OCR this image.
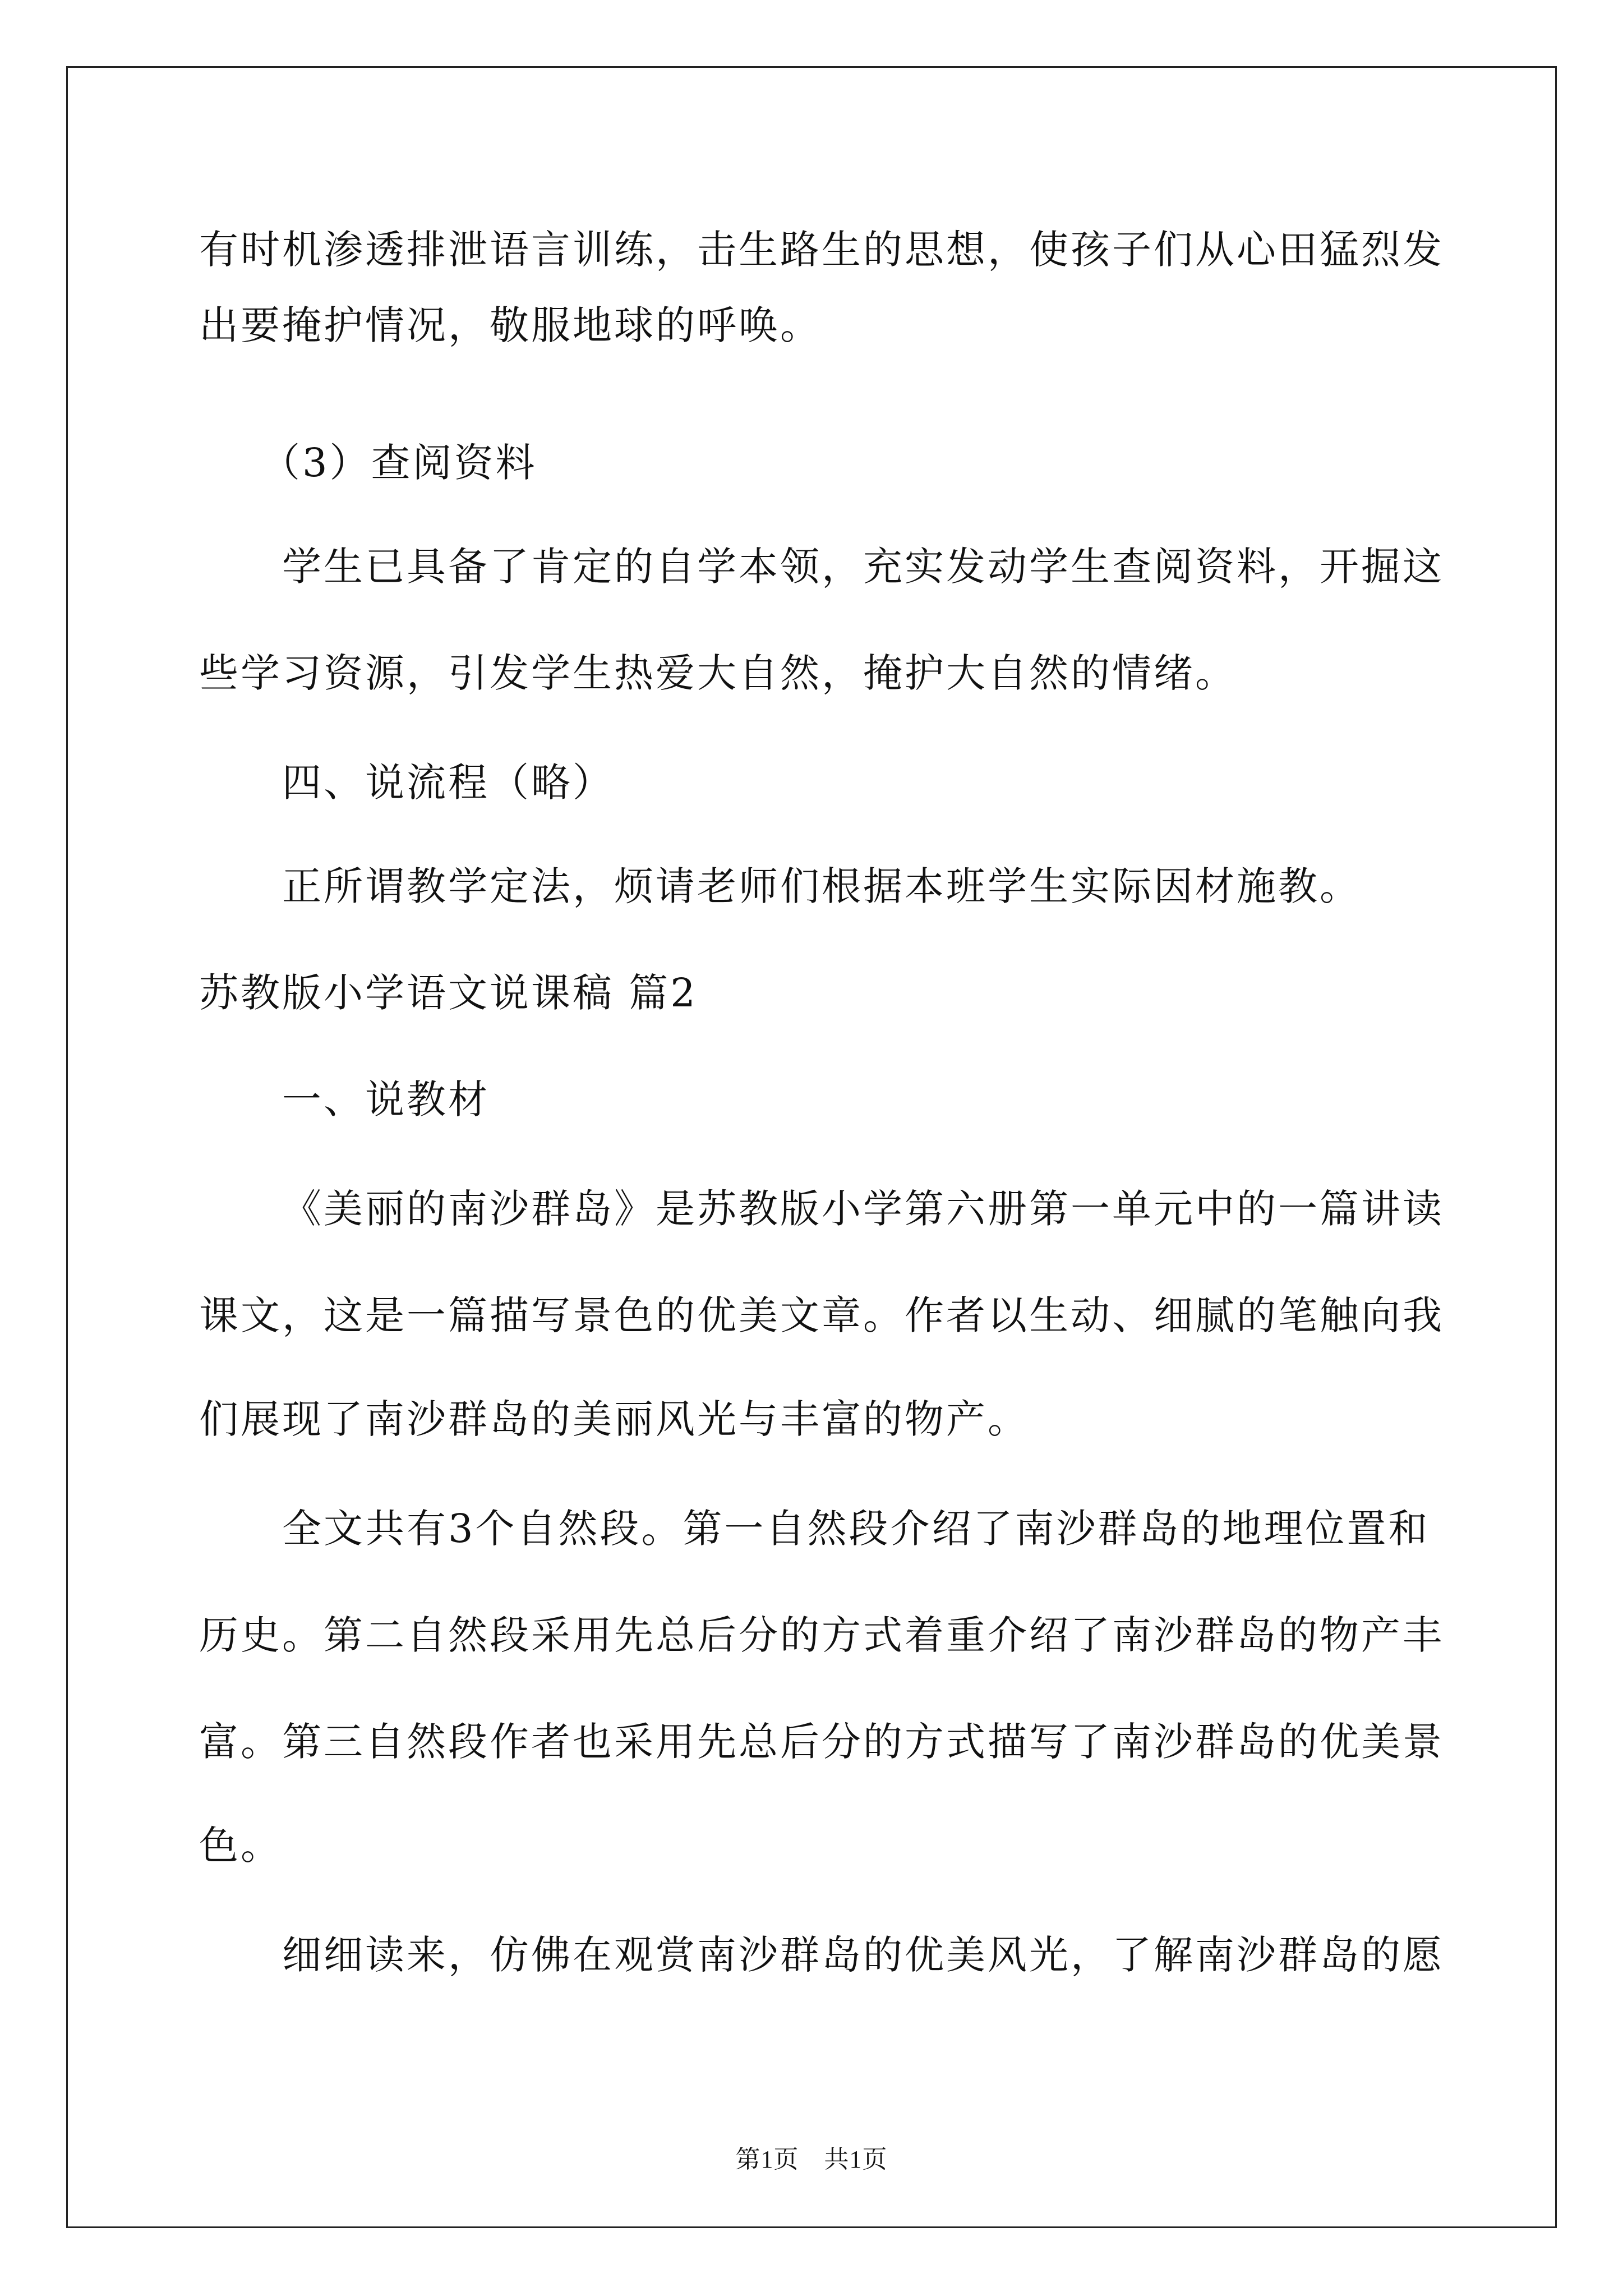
有时机渗透排泄语言训练，击生路生的思想，使孩子们从心田猛烈发
出要掩护情况，敬服地球的呼唤。
（3）查阅资料
学生已具备了肯定的自学本领，充实发动学生查阅资料，开掘这
些学习资源，引发学生热爱大自然，掩护大自然的情绪。
四、说流程（略）
正所谓教学定法，烦请老师们根据本班学生实际因材施教。
苏教版小学语文说课稿 篇2
一、说教材
《美丽的南沙群岛》是苏教版小学第六册第一单元中的一篇讲读
课文，这是一篇描写景色的优美文章。作者以生动、细腻的笔触向我
们展现了南沙群岛的美丽风光与丰富的物产。
全文共有3个自然段。第一自然段介绍了南沙群岛的地理位置和
历史。第二自然段采用先总后分的方式着重介绍了南沙群岛的物产丰
富。第三自然段作者也采用先总后分的方式描写了南沙群岛的优美景
色。
细细读来，仿佛在观赏南沙群岛的优美风光，了解南沙群岛的愿
第1页　共1页
